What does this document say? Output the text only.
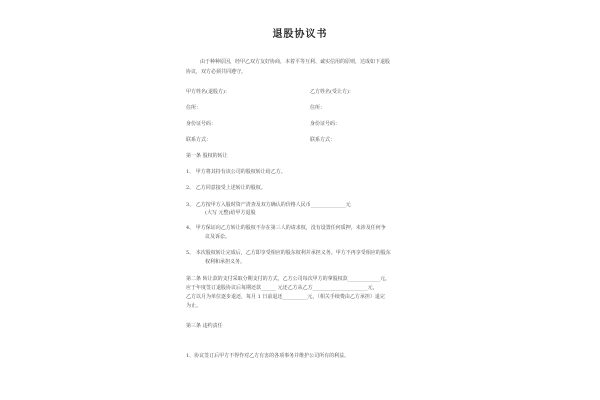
退股协议书
由于种种原因，经甲乙双方友好协商，本着平等互利、诚实信用的原则，达成如下退股
协议，双方必须共同遵守。
甲方姓名(退股方)：	乙方姓名(受让方)：
住所：	住所：
身份证号码：	身份证号码：
联系方式：	联系方式：
第一条 股权的转让
1、 甲方将其持有该公司的股权转让给乙方。
2、 乙方同意接受上述转让的股权。
3、 乙方按甲方入股时资产清查及双方确认的价格人民币______________元
(大写 元整)给甲方退股
4、 甲方保证向乙方转让的股权不存在第三人的请求权，没有设置任何质押，未涉及任何争
议及诉讼。
5、 本次股权转让完成后，乙方即享受相应的股东权利并承担义务。甲方不再享受相应的股东
权利和承担义务。
第二条 转让款的支付采取分期支付的方式，乙方公司每次甲方的拿股权款_____________元，
应于年度签订退股协议后每期还款______ 元还乙方从乙方______________________元，
乙方以月为单位逐步退还，每月 1 日前退还__________元，（相关手续费由乙方承担）退完
为止。
第三条 违约责任
1、协议签订后甲方不得作对乙方有害的各项事务并维护公司所有的利益。
